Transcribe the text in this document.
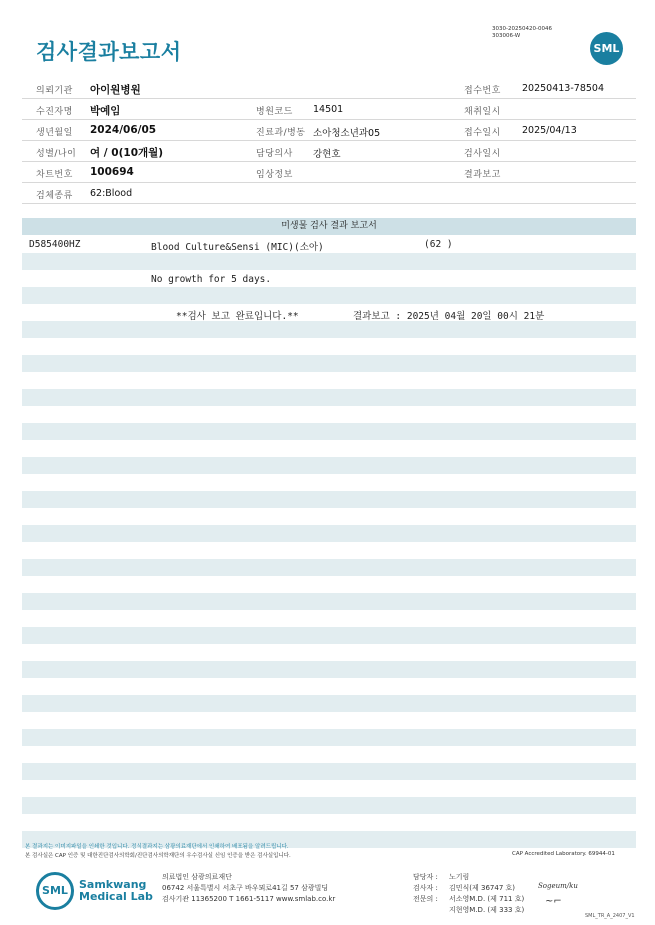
검사결과보고서
3030-20250420-0046
303006-W
SML
의뢰기관 아이원병원	접수번호 20250413-78504
수진자명 박예임	병원코드 14501	채취일시
생년월일 2024/06/05	진료과/병동 소아청소년과05	접수일시 2025/04/13
성별/나이 여 / 0(10개월)	담당의사 강현호	검사일시
차트번호 100694	임상정보	결과보고
검체종류 62:Blood
미생물 검사 결과 보고서
D585400HZ	Blood Culture&Sensi (MIC)(소아)	(62 )
No growth for 5 days.
**검사 보고 완료입니다.**	결과보고 : 2025년 04월 20일 00시 21분
본 결과지는 이미지파일을 인쇄한 것입니다. 정식결과지는 삼광의료재단에서 인쇄하여 배포됨을 알려드립니다.
본 검사실은 CAP 인증 및 대한진단검사의학회/진단검사의학재단의 우수검사실 신임 인증을 받은 검사실입니다.	CAP Accredited Laboratory. 69944-01
SML	Samkwang
Medical Lab
의료법인 삼광의료재단
06742 서울특별시 서초구 바우뫼로41길 57 삼광빌딩
검사기관 11365200 T 1661-5117 www.smlab.co.kr
담당자 :	노기림
검사자 :	김민식(제 36747 호)
전문의 :	서소영M.D. (제 711 호)
지현영M.D. (제 333 호)
Sogeum/ku
~⌐
SML_TR_A_2407_V1
